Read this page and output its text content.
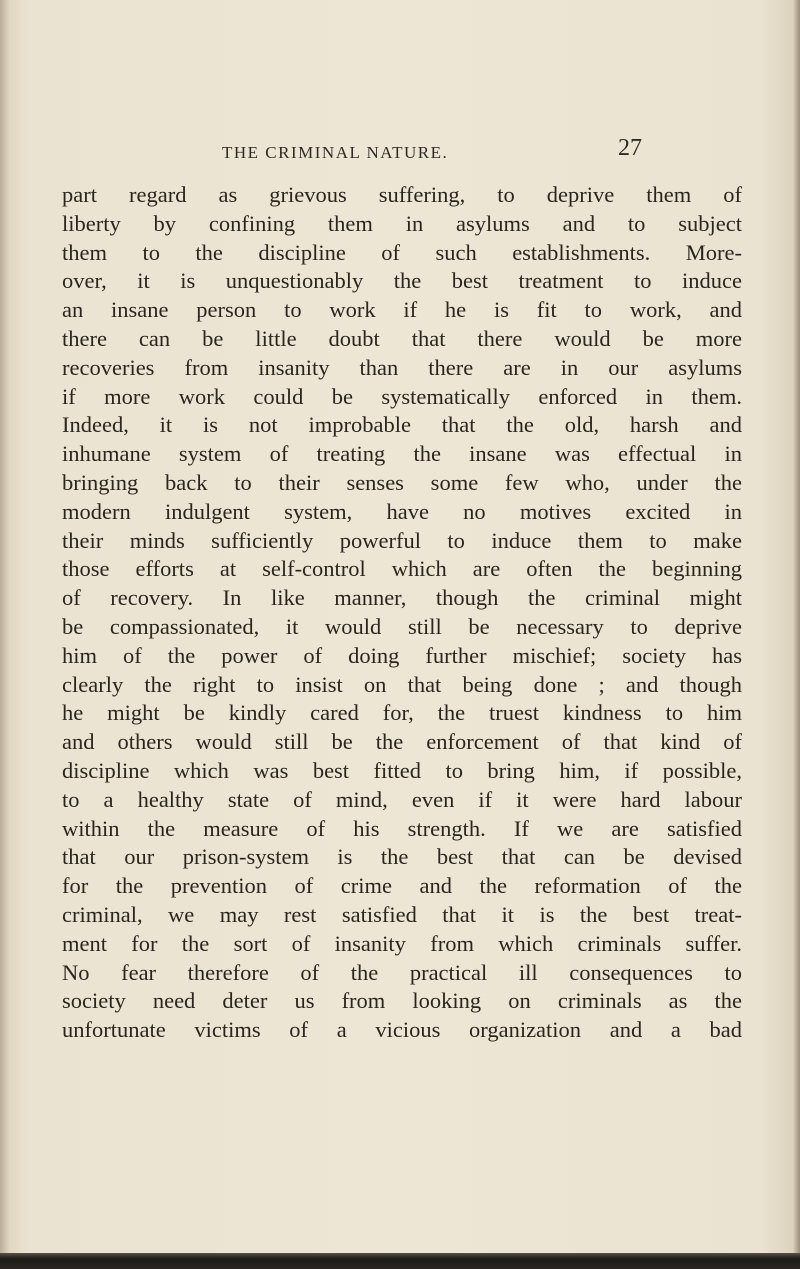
THE CRIMINAL NATURE.	27
part regard as grievous suffering, to deprive them of
liberty by confining them in asylums and to subject
them to the discipline of such establishments. More-
over, it is unquestionably the best treatment to induce
an insane person to work if he is fit to work, and
there can be little doubt that there would be more
recoveries from insanity than there are in our asylums
if more work could be systematically enforced in them.
Indeed, it is not improbable that the old, harsh and
inhumane system of treating the insane was effectual in
bringing back to their senses some few who, under the
modern indulgent system, have no motives excited in
their minds sufficiently powerful to induce them to make
those efforts at self-control which are often the beginning
of recovery. In like manner, though the criminal might
be compassionated, it would still be necessary to deprive
him of the power of doing further mischief; society has
clearly the right to insist on that being done ; and though
he might be kindly cared for, the truest kindness to him
and others would still be the enforcement of that kind of
discipline which was best fitted to bring him, if possible,
to a healthy state of mind, even if it were hard labour
within the measure of his strength. If we are satisfied
that our prison-system is the best that can be devised
for the prevention of crime and the reformation of the
criminal, we may rest satisfied that it is the best treat-
ment for the sort of insanity from which criminals suffer.
No fear therefore of the practical ill consequences to
society need deter us from looking on criminals as the
unfortunate victims of a vicious organization and a bad
